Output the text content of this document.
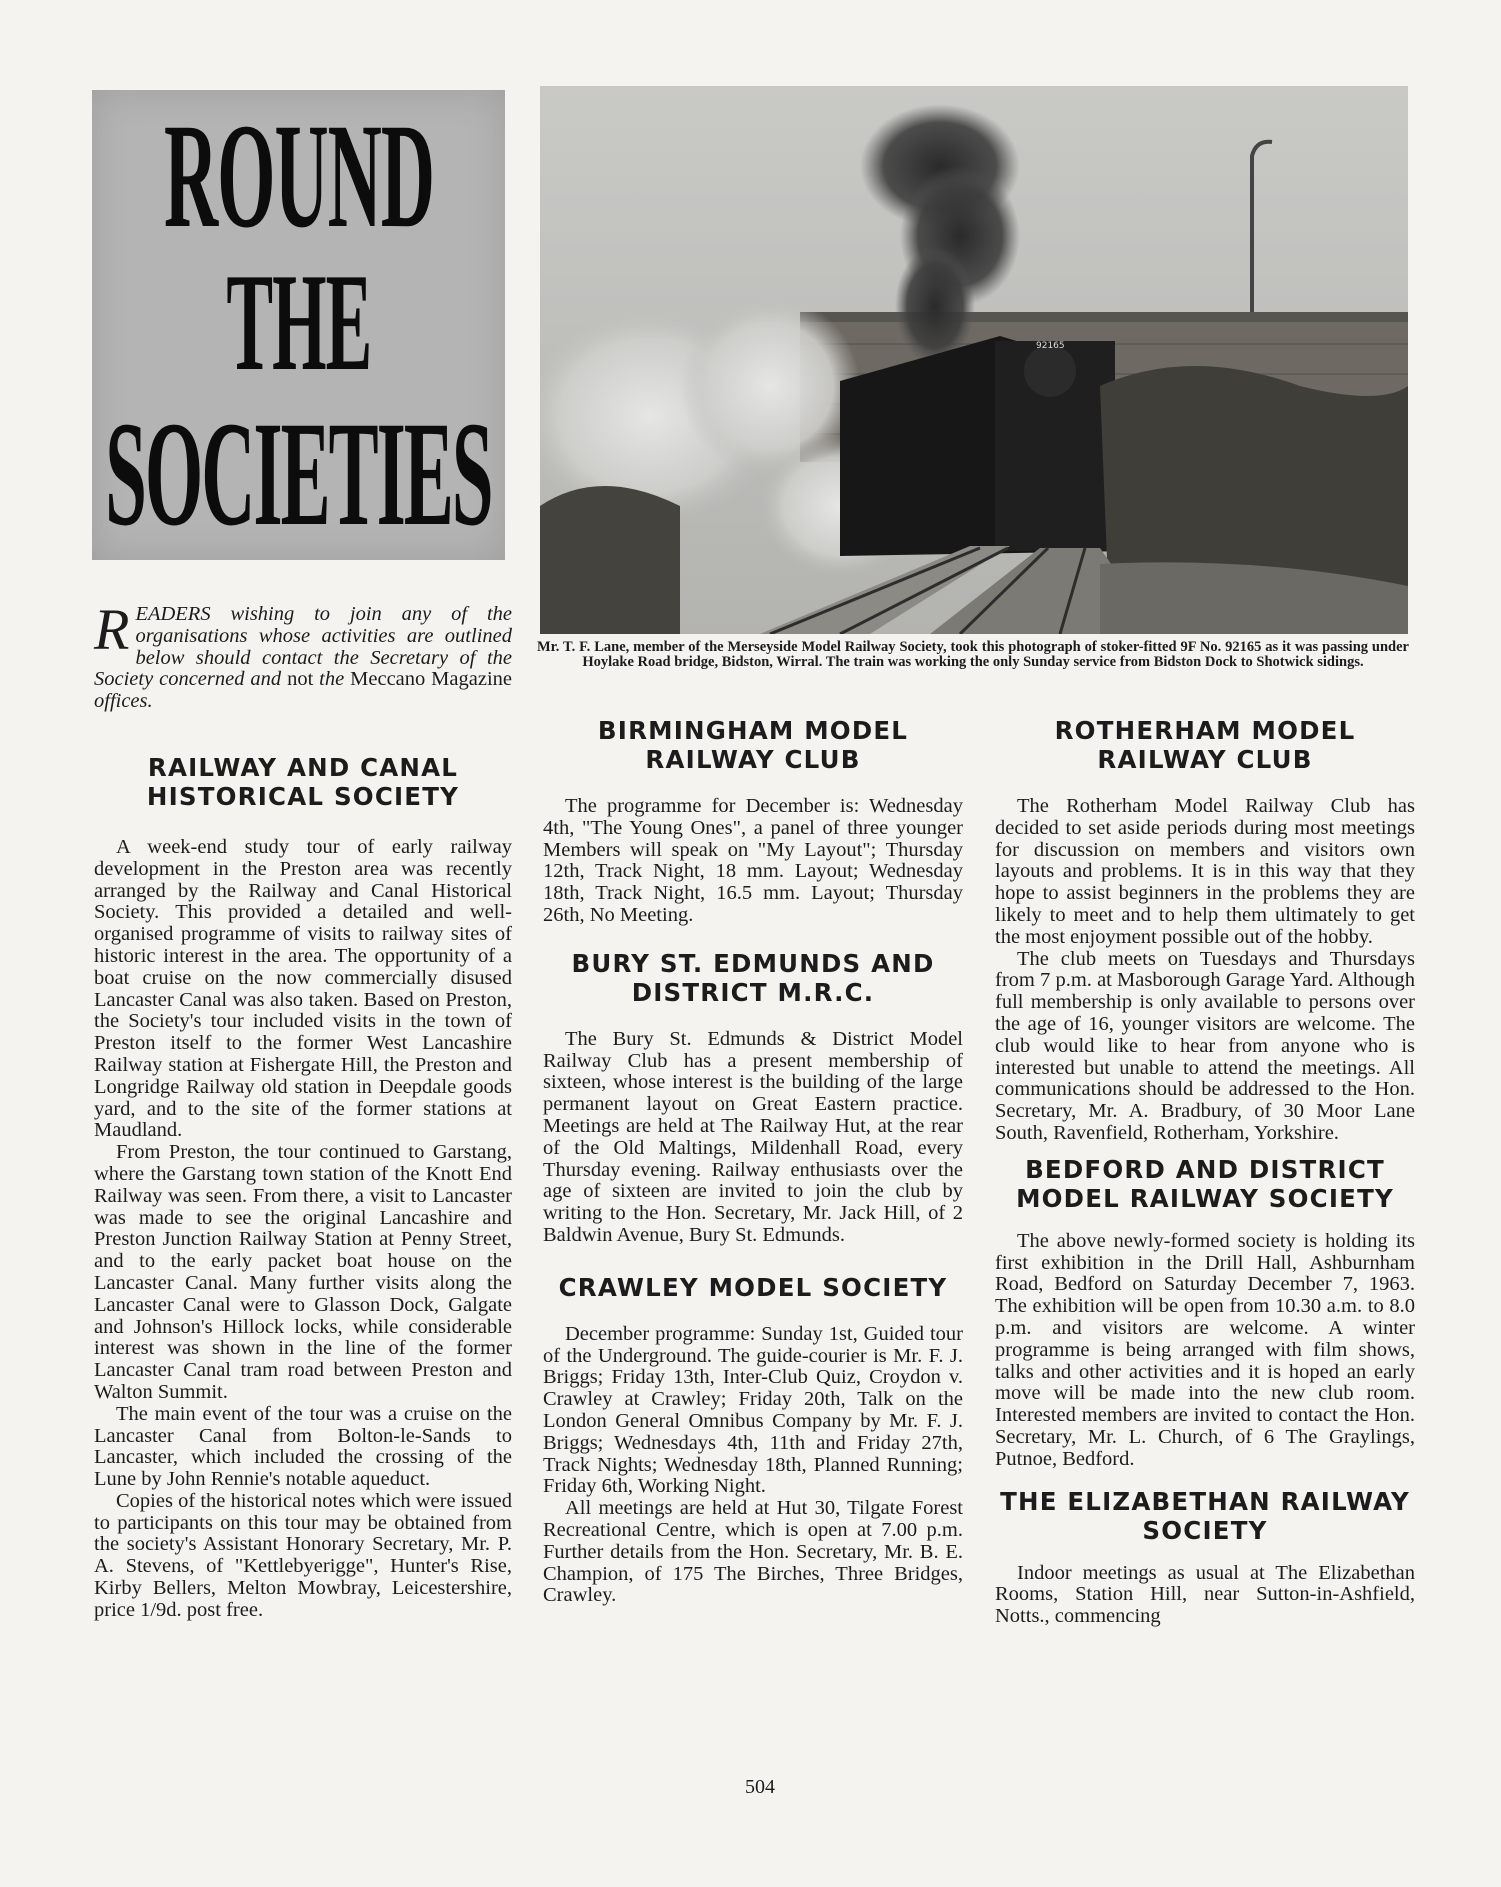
ROUND
THE
SOCIETIES
92165
Mr. T. F. Lane, member of the Merseyside Model Railway Society, took this photograph of stoker-fitted 9F No. 92165 as it was passing under Hoylake Road bridge, Bidston, Wirral. The train was working the only Sunday service from Bidston Dock to Shotwick sidings.

READERS wishing to join any of the organisations whose activities are outlined below should contact the Secretary of the Society concerned and not the Meccano Magazine offices.

RAILWAY AND CANAL HISTORICAL SOCIETY

A week-end study tour of early railway development in the Preston area was recently arranged by the Railway and Canal Historical Society. This provided a detailed and well-organised programme of visits to railway sites of historic interest in the area. The opportunity of a boat cruise on the now commercially disused Lancaster Canal was also taken. Based on Preston, the Society's tour included visits in the town of Preston itself to the former West Lancashire Railway station at Fishergate Hill, the Preston and Longridge Railway old station in Deepdale goods yard, and to the site of the former stations at Maudland.

From Preston, the tour continued to Garstang, where the Garstang town station of the Knott End Railway was seen. From there, a visit to Lancaster was made to see the original Lancashire and Preston Junction Railway Station at Penny Street, and to the early packet boat house on the Lancaster Canal. Many further visits along the Lancaster Canal were to Glasson Dock, Galgate and Johnson's Hillock locks, while considerable interest was shown in the line of the former Lancaster Canal tram road between Preston and Walton Summit.

The main event of the tour was a cruise on the Lancaster Canal from Bolton-le-Sands to Lancaster, which included the crossing of the Lune by John Rennie's notable aqueduct.

Copies of the historical notes which were issued to participants on this tour may be obtained from the society's Assistant Honorary Secretary, Mr. P. A. Stevens, of "Kettlebyerigge", Hunter's Rise, Kirby Bellers, Melton Mowbray, Leicestershire, price 1/9d. post free.

BIRMINGHAM MODEL RAILWAY CLUB

The programme for December is: Wednesday 4th, "The Young Ones", a panel of three younger Members will speak on "My Layout"; Thursday 12th, Track Night, 18 mm. Layout; Wednesday 18th, Track Night, 16.5 mm. Layout; Thursday 26th, No Meeting.

BURY ST. EDMUNDS AND DISTRICT M.R.C.

The Bury St. Edmunds & District Model Railway Club has a present membership of sixteen, whose interest is the building of the large permanent layout on Great Eastern practice. Meetings are held at The Railway Hut, at the rear of the Old Maltings, Mildenhall Road, every Thursday evening. Railway enthusiasts over the age of sixteen are invited to join the club by writing to the Hon. Secretary, Mr. Jack Hill, of 2 Baldwin Avenue, Bury St. Edmunds.

CRAWLEY MODEL SOCIETY

December programme: Sunday 1st, Guided tour of the Underground. The guide-courier is Mr. F. J. Briggs; Friday 13th, Inter-Club Quiz, Croydon v. Crawley at Crawley; Friday 20th, Talk on the London General Omnibus Company by Mr. F. J. Briggs; Wednesdays 4th, 11th and Friday 27th, Track Nights; Wednesday 18th, Planned Running; Friday 6th, Working Night.

All meetings are held at Hut 30, Tilgate Forest Recreational Centre, which is open at 7.00 p.m. Further details from the Hon. Secretary, Mr. B. E. Champion, of 175 The Birches, Three Bridges, Crawley.

ROTHERHAM MODEL RAILWAY CLUB

The Rotherham Model Railway Club has decided to set aside periods during most meetings for discussion on members and visitors own layouts and problems. It is in this way that they hope to assist beginners in the problems they are likely to meet and to help them ultimately to get the most enjoyment possible out of the hobby.

The club meets on Tuesdays and Thursdays from 7 p.m. at Masborough Garage Yard. Although full membership is only available to persons over the age of 16, younger visitors are welcome. The club would like to hear from anyone who is interested but unable to attend the meetings. All communications should be addressed to the Hon. Secretary, Mr. A. Bradbury, of 30 Moor Lane South, Ravenfield, Rotherham, Yorkshire.

BEDFORD AND DISTRICT MODEL RAILWAY SOCIETY

The above newly-formed society is holding its first exhibition in the Drill Hall, Ashburnham Road, Bedford on Saturday December 7, 1963. The exhibition will be open from 10.30 a.m. to 8.0 p.m. and visitors are welcome. A winter programme is being arranged with film shows, talks and other activities and it is hoped an early move will be made into the new club room. Interested members are invited to contact the Hon. Secretary, Mr. L. Church, of 6 The Graylings, Putnoe, Bedford.

THE ELIZABETHAN RAILWAY SOCIETY

Indoor meetings as usual at The Elizabethan Rooms, Station Hill, near Sutton-in-Ashfield, Notts., commencing

504
